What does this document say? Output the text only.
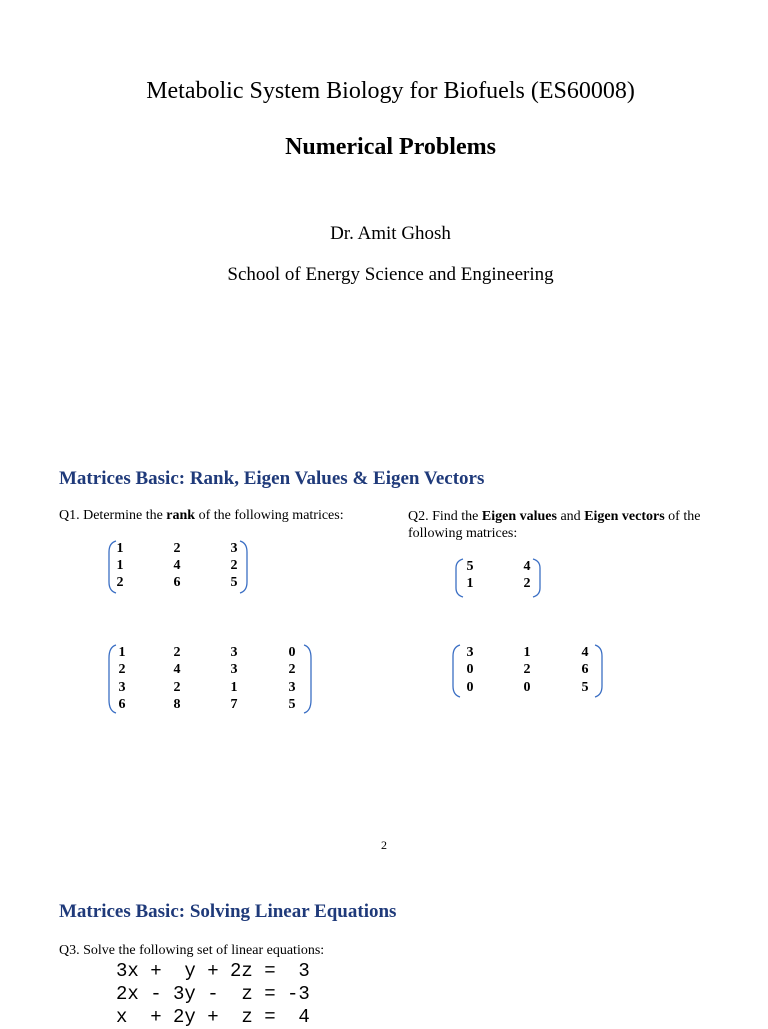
Metabolic System Biology for Biofuels (ES60008)
Numerical Problems
Dr. Amit Ghosh
School of Energy Science and Engineering
Matrices Basic: Rank, Eigen Values & Eigen Vectors
Q1. Determine the rank of the following matrices:	Q2. Find the Eigen values and Eigen vectors of the
following matrices:
1	2	3
1	4	2
2	6	5
1	2	3	0
2	4	3	2
3	2	1	3
6	8	7	5
5	4
1	2
3	1	4
0	2	6
0	0	5
2
Matrices Basic: Solving Linear Equations
Q3. Solve the following set of linear equations:
3x +  y + 2z =  3
2x - 3y -  z = -3
x  + 2y +  z =  4
